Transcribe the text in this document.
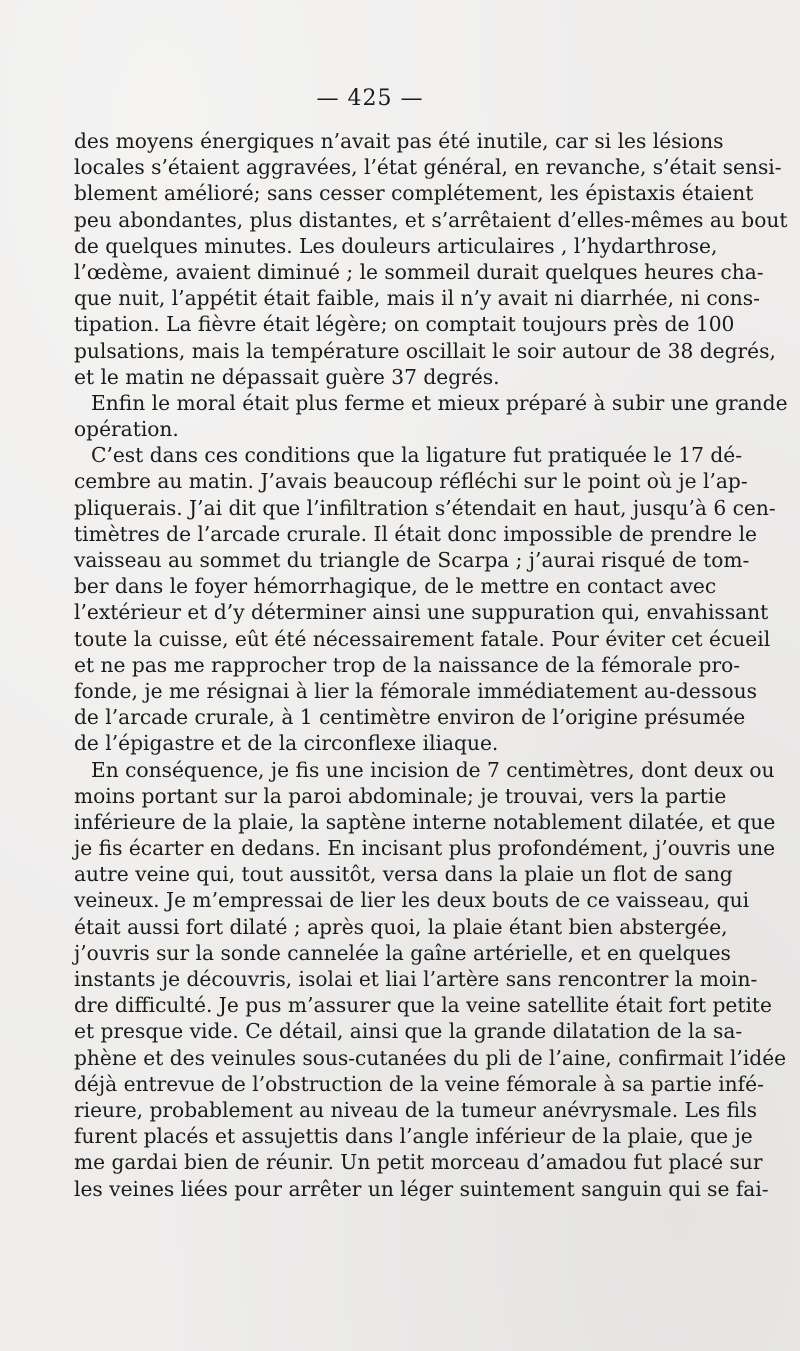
— 425 —
des moyens énergiques n’avait pas été inutile, car si les lésions
locales s’étaient aggravées, l’état général, en revanche, s’était sensi-
blement amélioré; sans cesser complétement, les épistaxis étaient
peu abondantes, plus distantes, et s’arrêtaient d’elles-mêmes au bout
de quelques minutes. Les douleurs articulaires , l’hydarthrose,
l’œdème, avaient diminué ; le sommeil durait quelques heures cha-
que nuit, l’appétit était faible, mais il n’y avait ni diarrhée, ni cons-
tipation. La fièvre était légère; on comptait toujours près de 100
pulsations, mais la température oscillait le soir autour de 38 degrés,
et le matin ne dépassait guère 37 degrés.
Enfin le moral était plus ferme et mieux préparé à subir une grande
opération.
C’est dans ces conditions que la ligature fut pratiquée le 17 dé-
cembre au matin. J’avais beaucoup réfléchi sur le point où je l’ap-
pliquerais. J’ai dit que l’infiltration s’étendait en haut, jusqu’à 6 cen-
timètres de l’arcade crurale. Il était donc impossible de prendre le
vaisseau au sommet du triangle de Scarpa ; j’aurai risqué de tom-
ber dans le foyer hémorrhagique, de le mettre en contact avec
l’extérieur et d’y déterminer ainsi une suppuration qui, envahissant
toute la cuisse, eût été nécessairement fatale. Pour éviter cet écueil
et ne pas me rapprocher trop de la naissance de la fémorale pro-
fonde, je me résignai à lier la fémorale immédiatement au-dessous
de l’arcade crurale, à 1 centimètre environ de l’origine présumée
de l’épigastre et de la circonflexe iliaque.
En conséquence, je fis une incision de 7 centimètres, dont deux ou
moins portant sur la paroi abdominale; je trouvai, vers la partie
inférieure de la plaie, la saptène interne notablement dilatée, et que
je fis écarter en dedans. En incisant plus profondément, j’ouvris une
autre veine qui, tout aussitôt, versa dans la plaie un flot de sang
veineux. Je m’empressai de lier les deux bouts de ce vaisseau, qui
était aussi fort dilaté ; après quoi, la plaie étant bien abstergée,
j’ouvris sur la sonde cannelée la gaîne artérielle, et en quelques
instants je découvris, isolai et liai l’artère sans rencontrer la moin-
dre difficulté. Je pus m’assurer que la veine satellite était fort petite
et presque vide. Ce détail, ainsi que la grande dilatation de la sa-
phène et des veinules sous-cutanées du pli de l’aine, confirmait l’idée
déjà entrevue de l’obstruction de la veine fémorale à sa partie infé-
rieure, probablement au niveau de la tumeur anévrysmale. Les fils
furent placés et assujettis dans l’angle inférieur de la plaie, que je
me gardai bien de réunir. Un petit morceau d’amadou fut placé sur
les veines liées pour arrêter un léger suintement sanguin qui se fai-
